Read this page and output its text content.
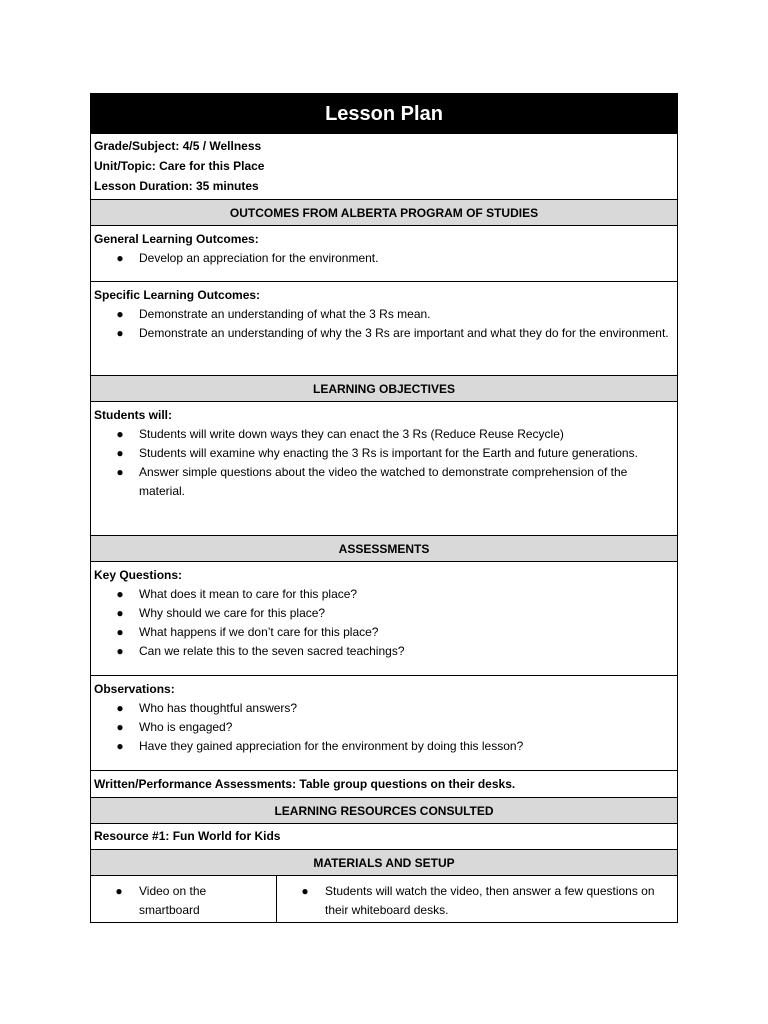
Lesson Plan
Grade/Subject: 4/5 / Wellness
Unit/Topic: Care for this Place
Lesson Duration: 35 minutes
OUTCOMES FROM ALBERTA PROGRAM OF STUDIES
General Learning Outcomes:
● Develop an appreciation for the environment.
Specific Learning Outcomes:
● Demonstrate an understanding of what the 3 Rs mean.
● Demonstrate an understanding of why the 3 Rs are important and what they do for the environment.
LEARNING OBJECTIVES
Students will:
● Students will write down ways they can enact the 3 Rs (Reduce Reuse Recycle)
● Students will examine why enacting the 3 Rs is important for the Earth and future generations.
● Answer simple questions about the video the watched to demonstrate comprehension of the material.
ASSESSMENTS
Key Questions:
● What does it mean to care for this place?
● Why should we care for this place?
● What happens if we don’t care for this place?
● Can we relate this to the seven sacred teachings?
Observations:
● Who has thoughtful answers?
● Who is engaged?
● Have they gained appreciation for the environment by doing this lesson?
Written/Performance Assessments: Table group questions on their desks.
LEARNING RESOURCES CONSULTED
Resource #1: Fun World for Kids
MATERIALS AND SETUP
● Video on the smartboard
● Students will watch the video, then answer a few questions on their whiteboard desks.
